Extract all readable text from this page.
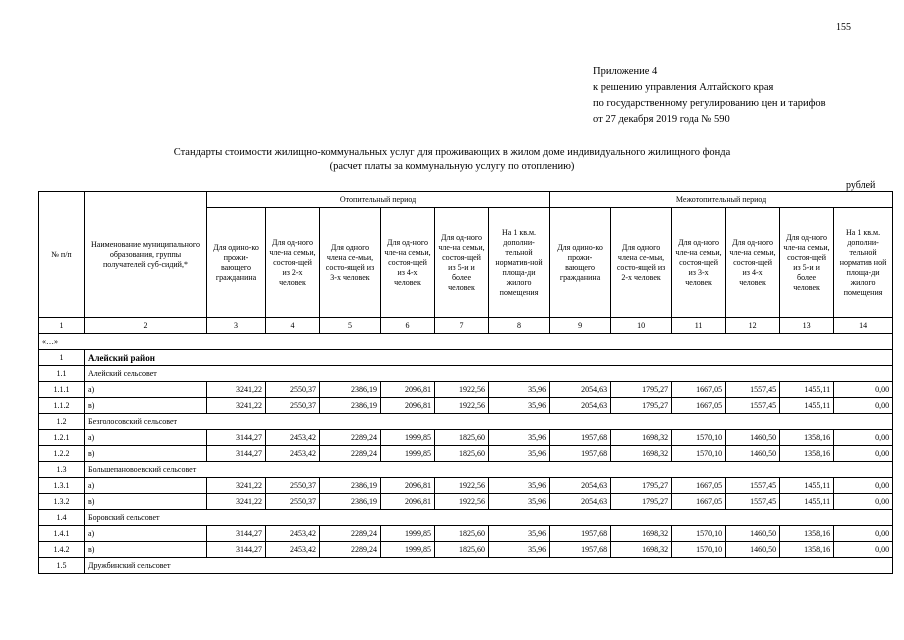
155
Приложение 4
к решению управления Алтайского края
по государственному регулированию цен и тарифов
от 27 декабря 2019 года № 590
Стандарты стоимости жилищно-коммунальных услуг для проживающих в жилом доме индивидуального жилищного фонда
(расчет платы за коммунальную услугу по отоплению)
рублей
№ п/п	Наименование муниципального образования, группы получателей суб-сидий,*	Отопительный период						Межотопительный период					
		Для одино-ко прожи-вающего гражданина	Для од-ного чле-на семьи, состоя-щей из 2-х человек	Для одного члена се-мьи, состо-ящей из 3-х человек	Для од-ного чле-на семьи, состоя-щей из 4-х человек	Для од-ного чле-на семьи, состоя-щей из 5-и и более человек	На 1 кв.м. дополни-тельной норматив-ной площа-ди жилого помещения	Для одино-ко прожи-вающего гражданина	Для одного члена се-мьи, состо-ящей из 2-х человек	Для од-ного чле-на семьи, состоя-щей из 3-х человек	Для од-ного чле-на семьи, состоя-щей из 4-х человек	Для од-ного чле-на семьи, состоя-щей из 5-и и более человек	На 1 кв.м. дополни-тельной норматив ной площа-ди жилого помещения
1	2	3	4	5	6	7	8	9	10	11	12	13	14
«…»													
1	Алейский район												
1.1	Алейский сельсовет												
1.1.1	а)	3241,22	2550,37	2386,19	2096,81	1922,56	35,96	2054,63	1795,27	1667,05	1557,45	1455,11	0,00
1.1.2	в)	3241,22	2550,37	2386,19	2096,81	1922,56	35,96	2054,63	1795,27	1667,05	1557,45	1455,11	0,00
1.2	Безголосовский сельсовет												
1.2.1	а)	3144,27	2453,42	2289,24	1999,85	1825,60	35,96	1957,68	1698,32	1570,10	1460,50	1358,16	0,00
1.2.2	в)	3144,27	2453,42	2289,24	1999,85	1825,60	35,96	1957,68	1698,32	1570,10	1460,50	1358,16	0,00
1.3	Большепановоевский сельсовет												
1.3.1	а)	3241,22	2550,37	2386,19	2096,81	1922,56	35,96	2054,63	1795,27	1667,05	1557,45	1455,11	0,00
1.3.2	в)	3241,22	2550,37	2386,19	2096,81	1922,56	35,96	2054,63	1795,27	1667,05	1557,45	1455,11	0,00
1.4	Боровский сельсовет												
1.4.1	а)	3144,27	2453,42	2289,24	1999,85	1825,60	35,96	1957,68	1698,32	1570,10	1460,50	1358,16	0,00
1.4.2	в)	3144,27	2453,42	2289,24	1999,85	1825,60	35,96	1957,68	1698,32	1570,10	1460,50	1358,16	0,00
1.5	Дружбинский сельсовет												
